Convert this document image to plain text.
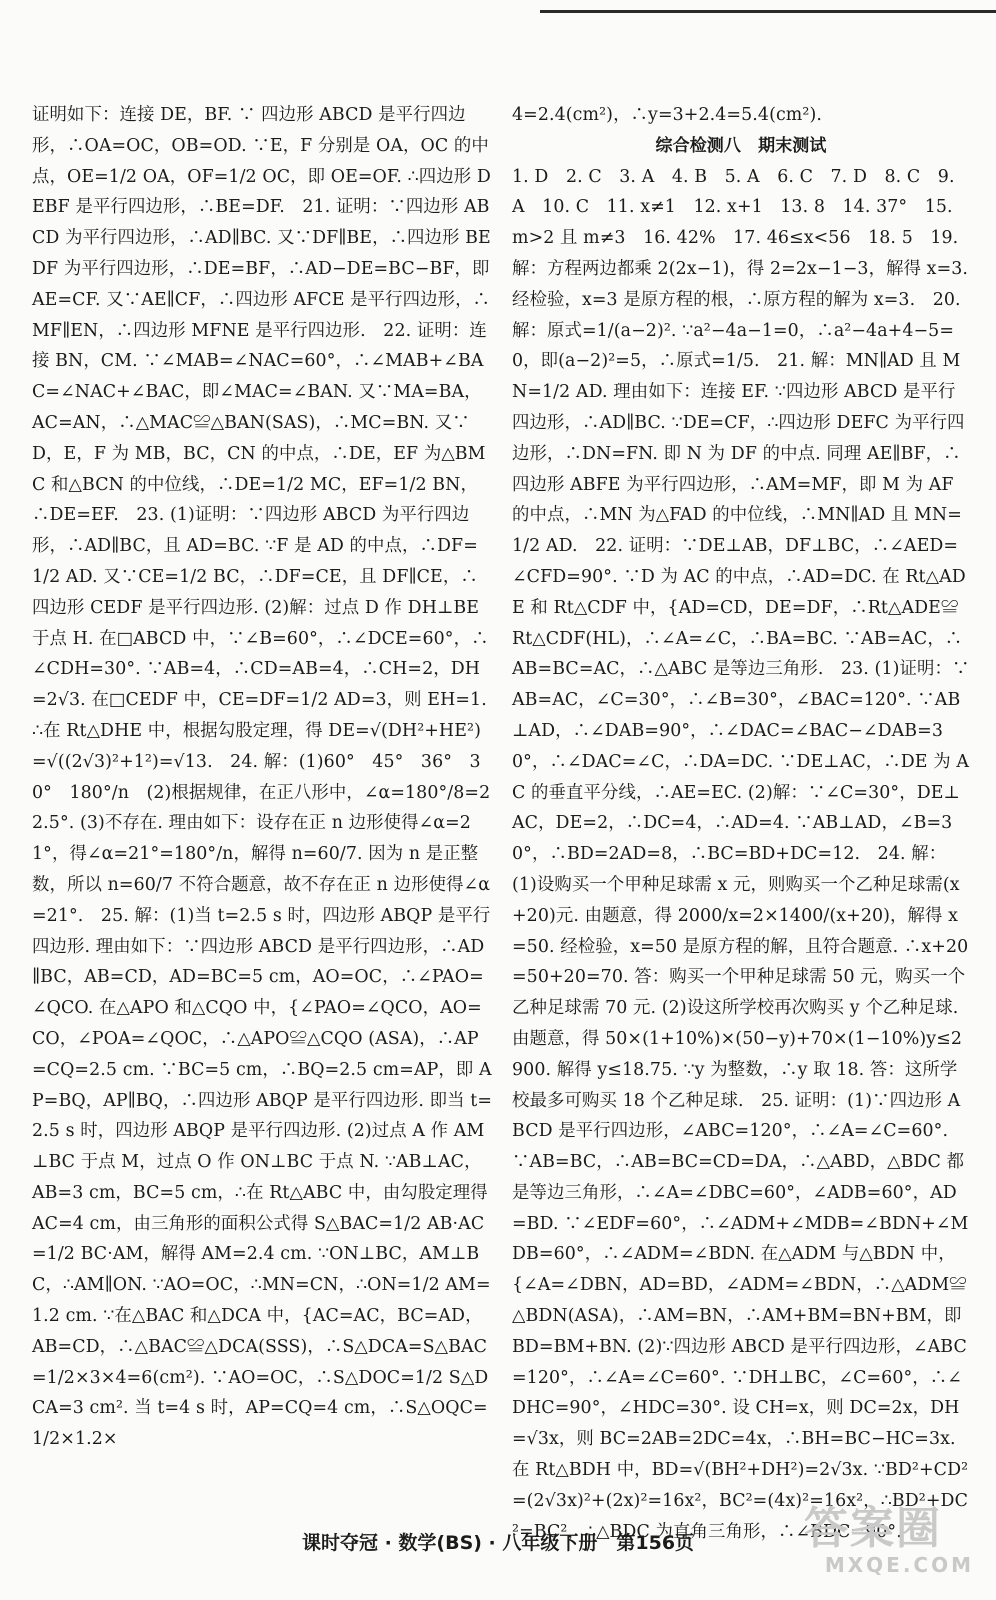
证明如下：连接 DE，BF. ∵ 四边形 ABCD 是平行四边形，∴OA=OC，OB=OD. ∵E，F 分别是 OA，OC 的中点，OE=1/2 OA，OF=1/2 OC，即 OE=OF. ∴四边形 DEBF 是平行四边形，∴BE=DF.　21. 证明：∵四边形 ABCD 为平行四边形，∴AD∥BC. 又∵DF∥BE，∴四边形 BEDF 为平行四边形，∴DE=BF，∴AD−DE=BC−BF，即 AE=CF. 又∵AE∥CF，∴四边形 AFCE 是平行四边形，∴MF∥EN，∴四边形 MFNE 是平行四边形.　22. 证明：连接 BN，CM. ∵∠MAB=∠NAC=60°，∴∠MAB+∠BAC=∠NAC+∠BAC，即∠MAC=∠BAN. 又∵MA=BA，AC=AN，∴△MAC≌△BAN(SAS)，∴MC=BN. 又∵D，E，F 为 MB，BC，CN 的中点，∴DE，EF 为△BMC 和△BCN 的中位线，∴DE=1/2 MC，EF=1/2 BN，∴DE=EF.　23. (1)证明：∵四边形 ABCD 为平行四边形，∴AD∥BC，且 AD=BC. ∵F 是 AD 的中点，∴DF=1/2 AD. 又∵CE=1/2 BC，∴DF=CE，且 DF∥CE，∴四边形 CEDF 是平行四边形. (2)解：过点 D 作 DH⊥BE 于点 H. 在□ABCD 中，∵∠B=60°，∴∠DCE=60°，∴∠CDH=30°. ∵AB=4，∴CD=AB=4，∴CH=2，DH=2√3. 在□CEDF 中，CE=DF=1/2 AD=3，则 EH=1. ∴在 Rt△DHE 中，根据勾股定理，得 DE=√(DH²+HE²)=√((2√3)²+1²)=√13.　24. 解：(1)60°　45°　36°　30°　180°/n　(2)根据规律，在正八形中，∠α=180°/8=22.5°. (3)不存在. 理由如下：设存在正 n 边形使得∠α=21°，得∠α=21°=180°/n，解得 n=60/7. 因为 n 是正整数，所以 n=60/7 不符合题意，故不存在正 n 边形使得∠α=21°.　25. 解：(1)当 t=2.5 s 时，四边形 ABQP 是平行四边形. 理由如下：∵四边形 ABCD 是平行四边形，∴AD∥BC，AB=CD，AD=BC=5 cm，AO=OC，∴∠PAO=∠QCO. 在△APO 和△CQO 中，{∠PAO=∠QCO，AO=CO，∠POA=∠QOC，∴△APO≌△CQO (ASA)，∴AP=CQ=2.5 cm. ∵BC=5 cm，∴BQ=2.5 cm=AP，即 AP=BQ，AP∥BQ，∴四边形 ABQP 是平行四边形. 即当 t=2.5 s 时，四边形 ABQP 是平行四边形. (2)过点 A 作 AM⊥BC 于点 M，过点 O 作 ON⊥BC 于点 N. ∵AB⊥AC，AB=3 cm，BC=5 cm，∴在 Rt△ABC 中，由勾股定理得 AC=4 cm，由三角形的面积公式得 S△BAC=1/2 AB·AC=1/2 BC·AM，解得 AM=2.4 cm. ∵ON⊥BC，AM⊥BC，∴AM∥ON. ∵AO=OC，∴MN=CN，∴ON=1/2 AM=1.2 cm. ∵在△BAC 和△DCA 中，{AC=AC，BC=AD，AB=CD，∴△BAC≌△DCA(SSS)，∴S△DCA=S△BAC=1/2×3×4=6(cm²). ∵AO=OC，∴S△DOC=1/2 S△DCA=3 cm². 当 t=4 s 时，AP=CQ=4 cm，∴S△OQC=1/2×1.2×

4=2.4(cm²)，∴y=3+2.4=5.4(cm²).

综合检测八　期末测试

1. D　2. C　3. A　4. B　5. A　6. C　7. D　8. C　9. A　10. C　11. x≠1　12. x+1　13. 8　14. 37°　15. m>2 且 m≠3　16. 42%　17. 46≤x<56　18. 5　19. 解：方程两边都乘 2(2x−1)，得 2=2x−1−3，解得 x=3. 经检验，x=3 是原方程的根，∴原方程的解为 x=3.　20. 解：原式=1/(a−2)². ∵a²−4a−1=0，∴a²−4a+4−5=0，即(a−2)²=5，∴原式=1/5.　21. 解：MN∥AD 且 MN=1/2 AD. 理由如下：连接 EF. ∵四边形 ABCD 是平行四边形，∴AD∥BC. ∵DE=CF，∴四边形 DEFC 为平行四边形，∴DN=FN. 即 N 为 DF 的中点. 同理 AE∥BF，∴四边形 ABFE 为平行四边形，∴AM=MF，即 M 为 AF 的中点，∴MN 为△FAD 的中位线，∴MN∥AD 且 MN=1/2 AD.　22. 证明：∵DE⊥AB，DF⊥BC，∴∠AED=∠CFD=90°. ∵D 为 AC 的中点，∴AD=DC. 在 Rt△ADE 和 Rt△CDF 中，{AD=CD，DE=DF，∴Rt△ADE≌Rt△CDF(HL)，∴∠A=∠C，∴BA=BC. ∵AB=AC，∴AB=BC=AC，∴△ABC 是等边三角形.　23. (1)证明：∵AB=AC，∠C=30°，∴∠B=30°，∠BAC=120°. ∵AB⊥AD，∴∠DAB=90°，∴∠DAC=∠BAC−∠DAB=30°，∴∠DAC=∠C，∴DA=DC. ∵DE⊥AC，∴DE 为 AC 的垂直平分线，∴AE=EC. (2)解：∵∠C=30°，DE⊥AC，DE=2，∴DC=4，∴AD=4. ∵AB⊥AD，∠B=30°，∴BD=2AD=8，∴BC=BD+DC=12.　24. 解：(1)设购买一个甲种足球需 x 元，则购买一个乙种足球需(x+20)元. 由题意，得 2000/x=2×1400/(x+20)，解得 x=50. 经检验，x=50 是原方程的解，且符合题意. ∴x+20=50+20=70. 答：购买一个甲种足球需 50 元，购买一个乙种足球需 70 元. (2)设这所学校再次购买 y 个乙种足球. 由题意，得 50×(1+10%)×(50−y)+70×(1−10%)y≤2900. 解得 y≤18.75. ∵y 为整数，∴y 取 18. 答：这所学校最多可购买 18 个乙种足球.　25. 证明：(1)∵四边形 ABCD 是平行四边形，∠ABC=120°，∴∠A=∠C=60°. ∵AB=BC，∴AB=BC=CD=DA，∴△ABD，△BDC 都是等边三角形，∴∠A=∠DBC=60°，∠ADB=60°，AD=BD. ∵∠EDF=60°，∴∠ADM+∠MDB=∠BDN+∠MDB=60°，∴∠ADM=∠BDN. 在△ADM 与△BDN 中，{∠A=∠DBN，AD=BD，∠ADM=∠BDN，∴△ADM≌△BDN(ASA)，∴AM=BN，∴AM+BM=BN+BM，即 BD=BM+BN. (2)∵四边形 ABCD 是平行四边形，∠ABC=120°，∴∠A=∠C=60°. ∵DH⊥BC，∠C=60°，∴∠DHC=90°，∠HDC=30°. 设 CH=x，则 DC=2x，DH=√3x，则 BC=2AB=2DC=4x，∴BH=BC−HC=3x. 在 Rt△BDH 中，BD=√(BH²+DH²)=2√3x. ∵BD²+CD²=(2√3x)²+(2x)²=16x²，BC²=(4x)²=16x²，∴BD²+DC²=BC²，∴△BDC 为直角三角形，∴∠BDC=90°.

课时夺冠 · 数学(BS) · 八年级下册　第156页	答案圈
MXQE.COM
